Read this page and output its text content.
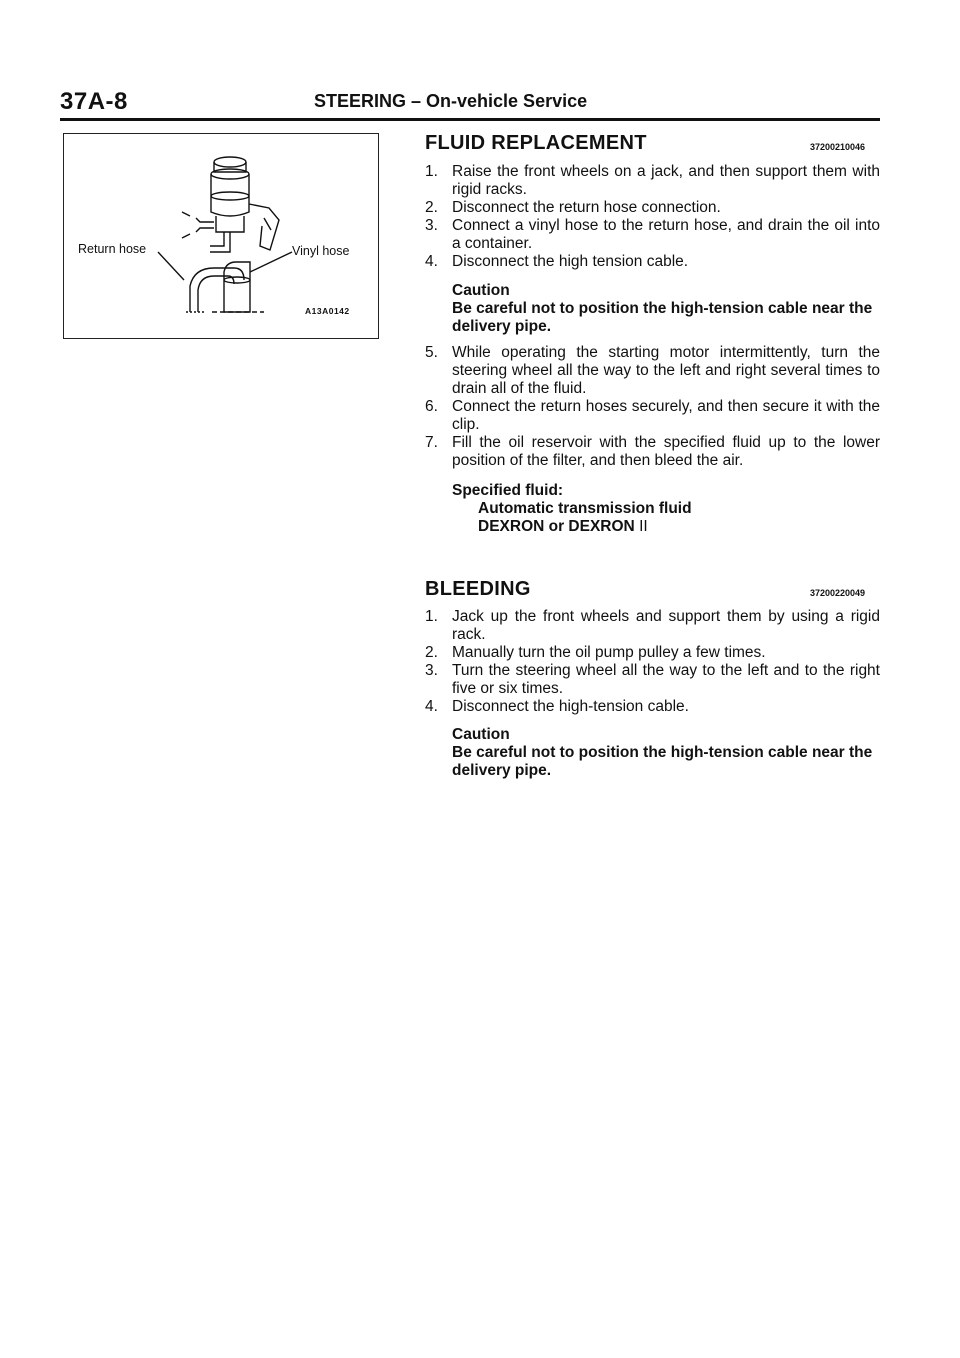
37A-8	STEERING – On-vehicle Service
Return hose	Vinyl hose
A13A0142
FLUID REPLACEMENT	37200210046
1. Raise the front wheels on a jack, and then support them with rigid racks.
2. Disconnect the return hose connection.
3. Connect a vinyl hose to the return hose, and drain the oil into a container.
4. Disconnect the high tension cable.
Caution
Be careful not to position the high-tension cable near the delivery pipe.
5. While operating the starting motor intermittently, turn the steering wheel all the way to the left and right several times to drain all of the fluid.
6. Connect the return hoses securely, and then secure it with the clip.
7. Fill the oil reservoir with the specified fluid up to the lower position of the filter, and then bleed the air.
Specified fluid:
Automatic transmission fluid
DEXRON or DEXRON II
BLEEDING	37200220049
1. Jack up the front wheels and support them by using a rigid rack.
2. Manually turn the oil pump pulley a few times.
3. Turn the steering wheel all the way to the left and to the right five or six times.
4. Disconnect the high-tension cable.
Caution
Be careful not to position the high-tension cable near the delivery pipe.
